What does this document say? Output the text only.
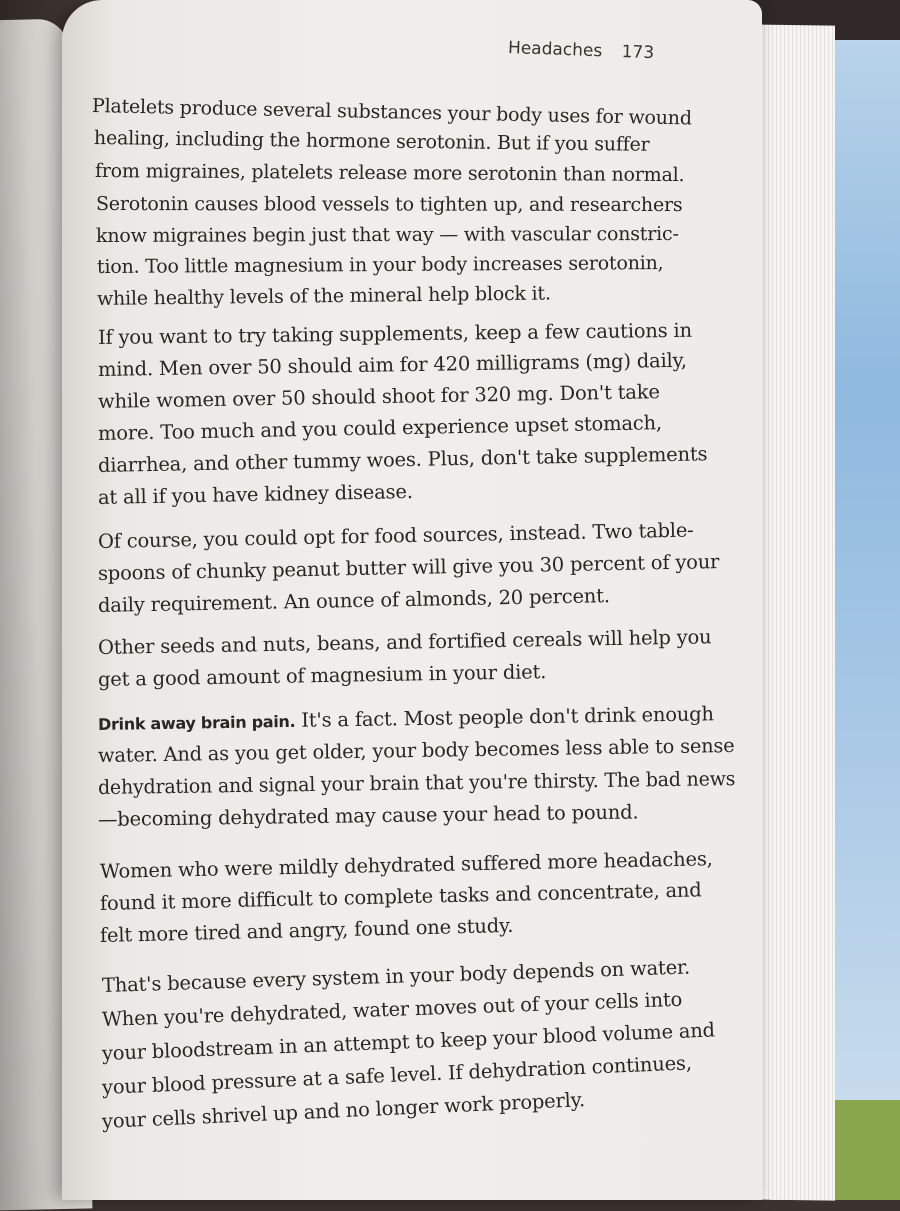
Headaches 173
Platelets produce several substances your body uses for wound
healing, including the hormone serotonin. But if you suffer
from migraines, platelets release more serotonin than normal.
Serotonin causes blood vessels to tighten up, and researchers
know migraines begin just that way — with vascular constric-
tion. Too little magnesium in your body increases serotonin,
while healthy levels of the mineral help block it.
If you want to try taking supplements, keep a few cautions in
mind. Men over 50 should aim for 420 milligrams (mg) daily,
while women over 50 should shoot for 320 mg. Don't take
more. Too much and you could experience upset stomach,
diarrhea, and other tummy woes. Plus, don't take supplements
at all if you have kidney disease.
Of course, you could opt for food sources, instead. Two table-
spoons of chunky peanut butter will give you 30 percent of your
daily requirement. An ounce of almonds, 20 percent.
Other seeds and nuts, beans, and fortified cereals will help you
get a good amount of magnesium in your diet.
Drink away brain pain. It's a fact. Most people don't drink enough
water. And as you get older, your body becomes less able to sense
dehydration and signal your brain that you're thirsty. The bad news
—becoming dehydrated may cause your head to pound.
Women who were mildly dehydrated suffered more headaches,
found it more difficult to complete tasks and concentrate, and
felt more tired and angry, found one study.
That's because every system in your body depends on water.
When you're dehydrated, water moves out of your cells into
your bloodstream in an attempt to keep your blood volume and
your blood pressure at a safe level. If dehydration continues,
your cells shrivel up and no longer work properly.
